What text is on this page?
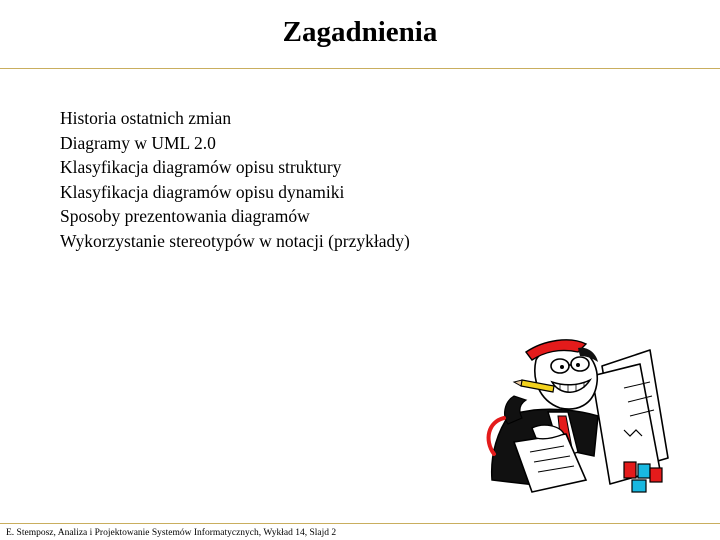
Zagadnienia
Historia ostatnich zmian
Diagramy w UML 2.0
Klasyfikacja diagramów opisu struktury
Klasyfikacja diagramów opisu dynamiki
Sposoby prezentowania diagramów
Wykorzystanie stereotypów w notacji (przykłady)
E. Stemposz, Analiza i Projektowanie Systemów Informatycznych, Wykład 14, Slajd 2
